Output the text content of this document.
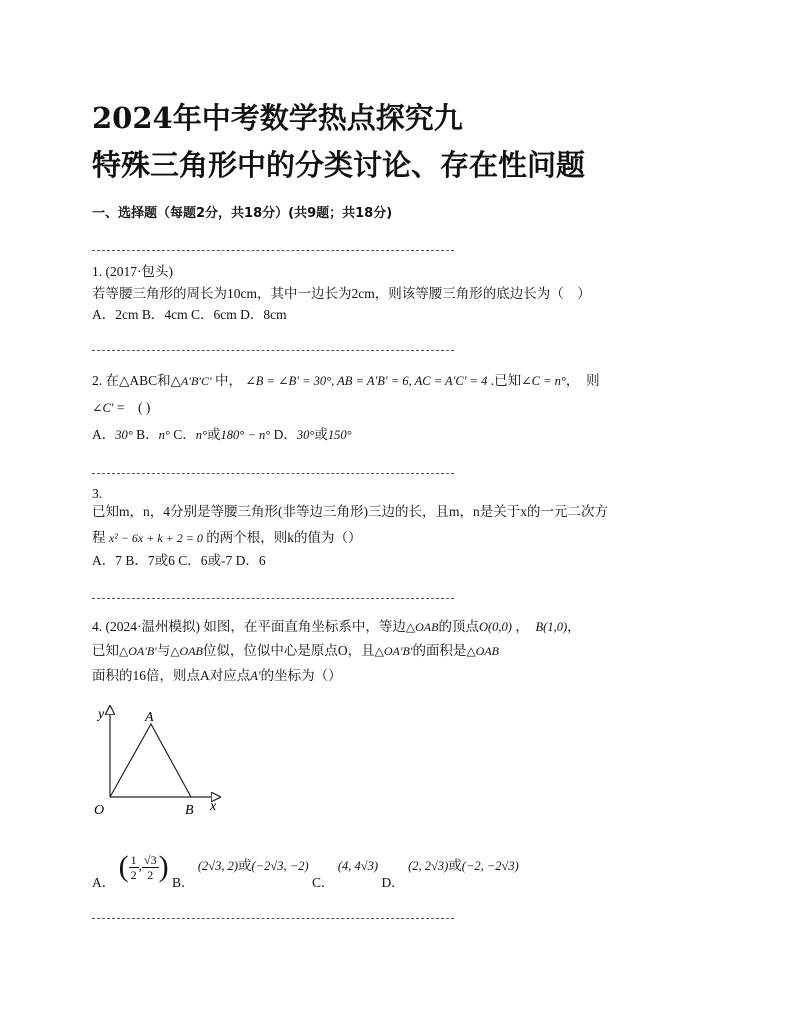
2024年中考数学热点探究九
特殊三角形中的分类讨论、存在性问题
一、选择题（每题2分，共18分）(共9题；共18分)
1. (2017·包头)
若等腰三角形的周长为10cm，其中一边长为2cm，则该等腰三角形的底边长为（　）
A．2cm B．4cm C．6cm D．8cm
2. 在△ABC和△A′B′C′ 中， ∠B = ∠B′ = 30°, AB = A′B′ = 6, AC = A′C′ = 4 .已知∠C = n°，　则
∠C′ =　( )
A．30° B．n° C．n°或180° − n° D．30°或150°
3.
已知m，n，4分别是等腰三角形(非等边三角形)三边的长，且m，n是关于x的一元二次方
程 x² − 6x + k + 2 = 0 的两个根，则k的值为（）
A．7 B．7或6 C．6或-7 D．6
4. (2024·温州模拟) 如图，在平面直角坐标系中，等边△OAB的顶点O(0,0) ，　 B(1,0)，
已知△OA′B′与△OAB位似，位似中心是原点O，且△OA′B′的面积是△OAB
面积的16倍，则点A对应点A′的坐标为（）
y
x
O
A
B
A． ( $\frac{1}{2}$ , $\frac{√3}{2}$ ) B． (2√3, 2)或(−2√3, −2) C． (4, 4√3) D． (2, 2√3)或(−2, −2√3)
